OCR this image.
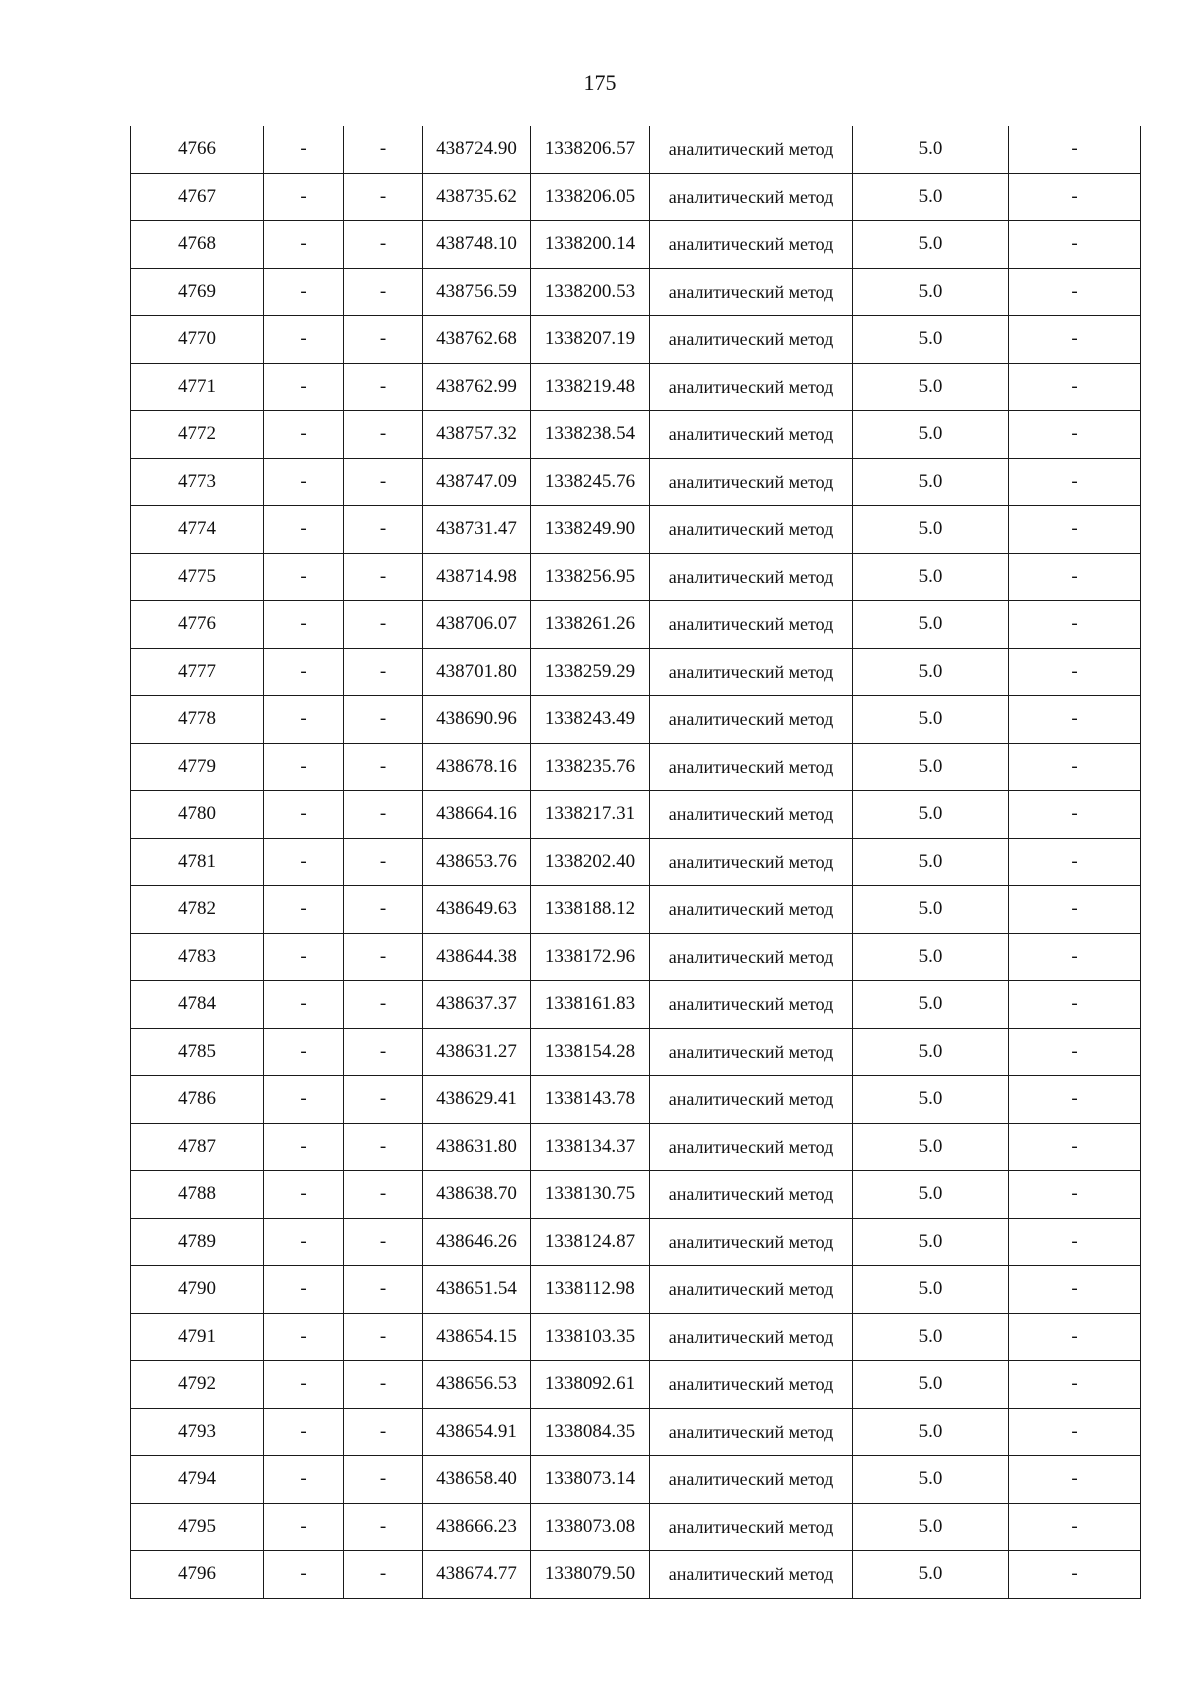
175
4766	-	-	438724.90	1338206.57	аналитический метод	5.0	-
4767	-	-	438735.62	1338206.05	аналитический метод	5.0	-
4768	-	-	438748.10	1338200.14	аналитический метод	5.0	-
4769	-	-	438756.59	1338200.53	аналитический метод	5.0	-
4770	-	-	438762.68	1338207.19	аналитический метод	5.0	-
4771	-	-	438762.99	1338219.48	аналитический метод	5.0	-
4772	-	-	438757.32	1338238.54	аналитический метод	5.0	-
4773	-	-	438747.09	1338245.76	аналитический метод	5.0	-
4774	-	-	438731.47	1338249.90	аналитический метод	5.0	-
4775	-	-	438714.98	1338256.95	аналитический метод	5.0	-
4776	-	-	438706.07	1338261.26	аналитический метод	5.0	-
4777	-	-	438701.80	1338259.29	аналитический метод	5.0	-
4778	-	-	438690.96	1338243.49	аналитический метод	5.0	-
4779	-	-	438678.16	1338235.76	аналитический метод	5.0	-
4780	-	-	438664.16	1338217.31	аналитический метод	5.0	-
4781	-	-	438653.76	1338202.40	аналитический метод	5.0	-
4782	-	-	438649.63	1338188.12	аналитический метод	5.0	-
4783	-	-	438644.38	1338172.96	аналитический метод	5.0	-
4784	-	-	438637.37	1338161.83	аналитический метод	5.0	-
4785	-	-	438631.27	1338154.28	аналитический метод	5.0	-
4786	-	-	438629.41	1338143.78	аналитический метод	5.0	-
4787	-	-	438631.80	1338134.37	аналитический метод	5.0	-
4788	-	-	438638.70	1338130.75	аналитический метод	5.0	-
4789	-	-	438646.26	1338124.87	аналитический метод	5.0	-
4790	-	-	438651.54	1338112.98	аналитический метод	5.0	-
4791	-	-	438654.15	1338103.35	аналитический метод	5.0	-
4792	-	-	438656.53	1338092.61	аналитический метод	5.0	-
4793	-	-	438654.91	1338084.35	аналитический метод	5.0	-
4794	-	-	438658.40	1338073.14	аналитический метод	5.0	-
4795	-	-	438666.23	1338073.08	аналитический метод	5.0	-
4796	-	-	438674.77	1338079.50	аналитический метод	5.0	-
